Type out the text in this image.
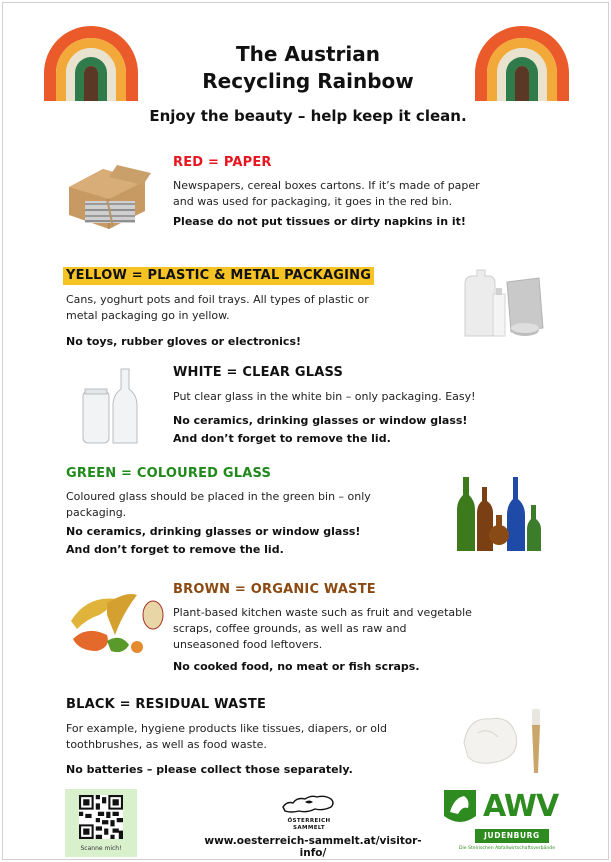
The Austrian
Recycling Rainbow
Enjoy the beauty – help keep it clean.
RED = PAPER
Newspapers, cereal boxes cartons. If it’s made of paper and was used for packaging, it goes in the red bin.
Please do not put tissues or dirty napkins in it!
YELLOW = PLASTIC & METAL PACKAGING
Cans, yoghurt pots and foil trays. All types of plastic or metal packaging go in yellow.
No toys, rubber gloves or electronics!
WHITE = CLEAR GLASS
Put clear glass in the white bin – only packaging. Easy!
No ceramics, drinking glasses or window glass!
And don’t forget to remove the lid.
GREEN = COLOURED GLASS
Coloured glass should be placed in the green bin – only packaging.
No ceramics, drinking glasses or window glass!
And don’t forget to remove the lid.
BROWN = ORGANIC WASTE
Plant-based kitchen waste such as fruit and vegetable scraps, coffee grounds, as well as raw and unseasoned food leftovers.
No cooked food, no meat or fish scraps.
BLACK = RESIDUAL WASTE
For example, hygiene products like tissues, diapers, or old toothbrushes, as well as food waste.
No batteries – please collect those separately.
Scanne mich!
ÖSTERREICH
SAMMELT
www.oesterreich-sammelt.at/visitor-info/
AWV
JUDENBURG
Die Steirischen Abfallwirtschaftsverbände
